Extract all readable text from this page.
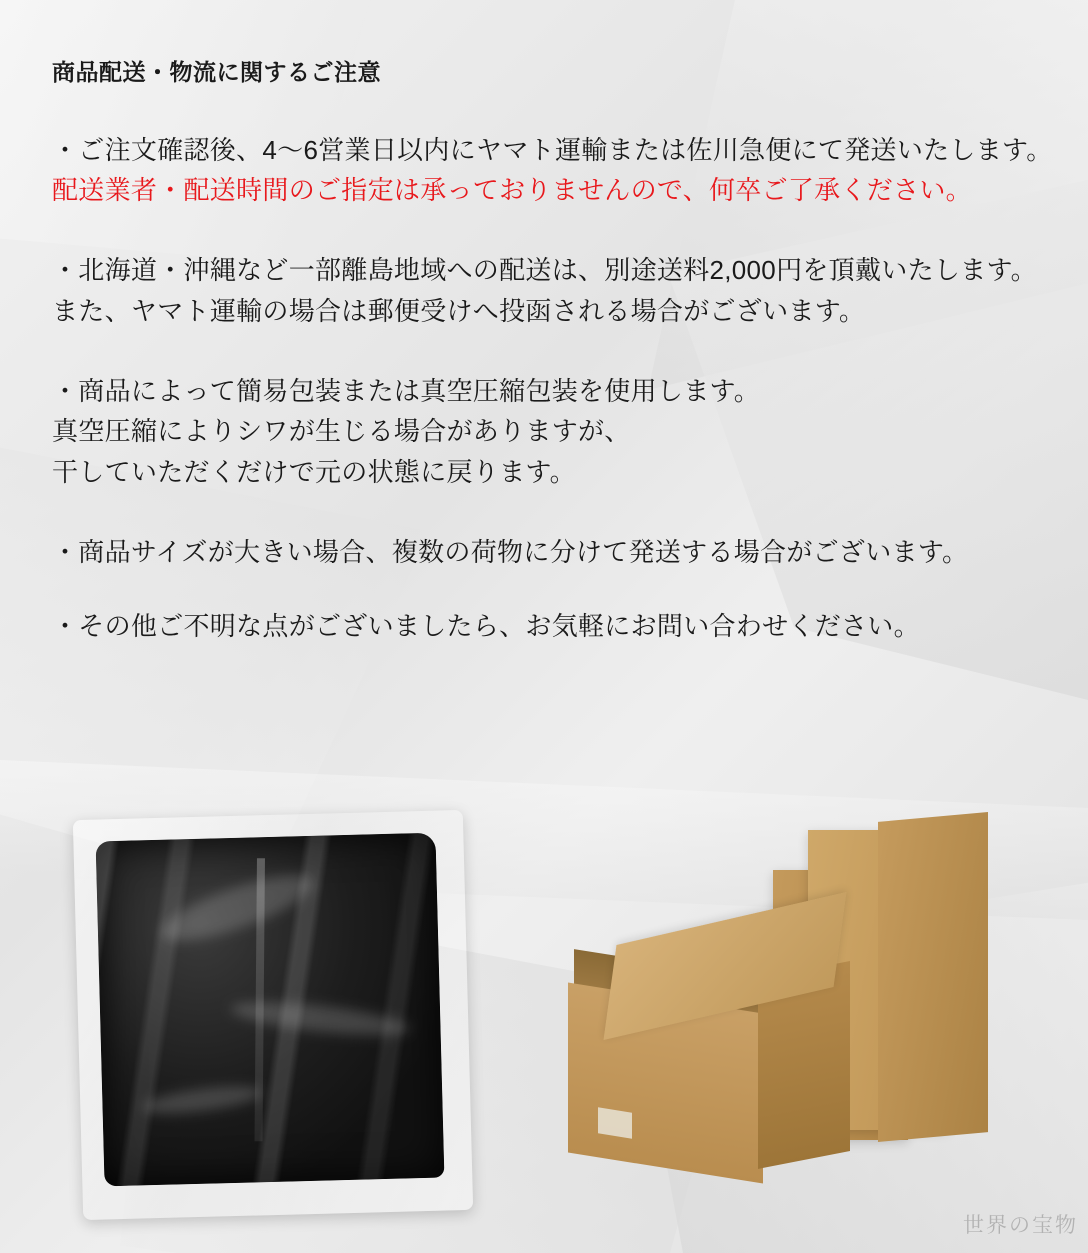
商品配送・物流に関するご注意

・ご注文確認後、4〜6営業日以内にヤマト運輸または佐川急便にて発送いたします。
配送業者・配送時間のご指定は承っておりませんので、何卒ご了承ください。

・北海道・沖縄など一部離島地域への配送は、別途送料2,000円を頂戴いたします。
また、ヤマト運輸の場合は郵便受けへ投函される場合がございます。

・商品によって簡易包装または真空圧縮包装を使用します。
真空圧縮によりシワが生じる場合がありますが、
干していただくだけで元の状態に戻ります。

・商品サイズが大きい場合、複数の荷物に分けて発送する場合がございます。

・その他ご不明な点がございましたら、お気軽にお問い合わせください。

世界の宝物
